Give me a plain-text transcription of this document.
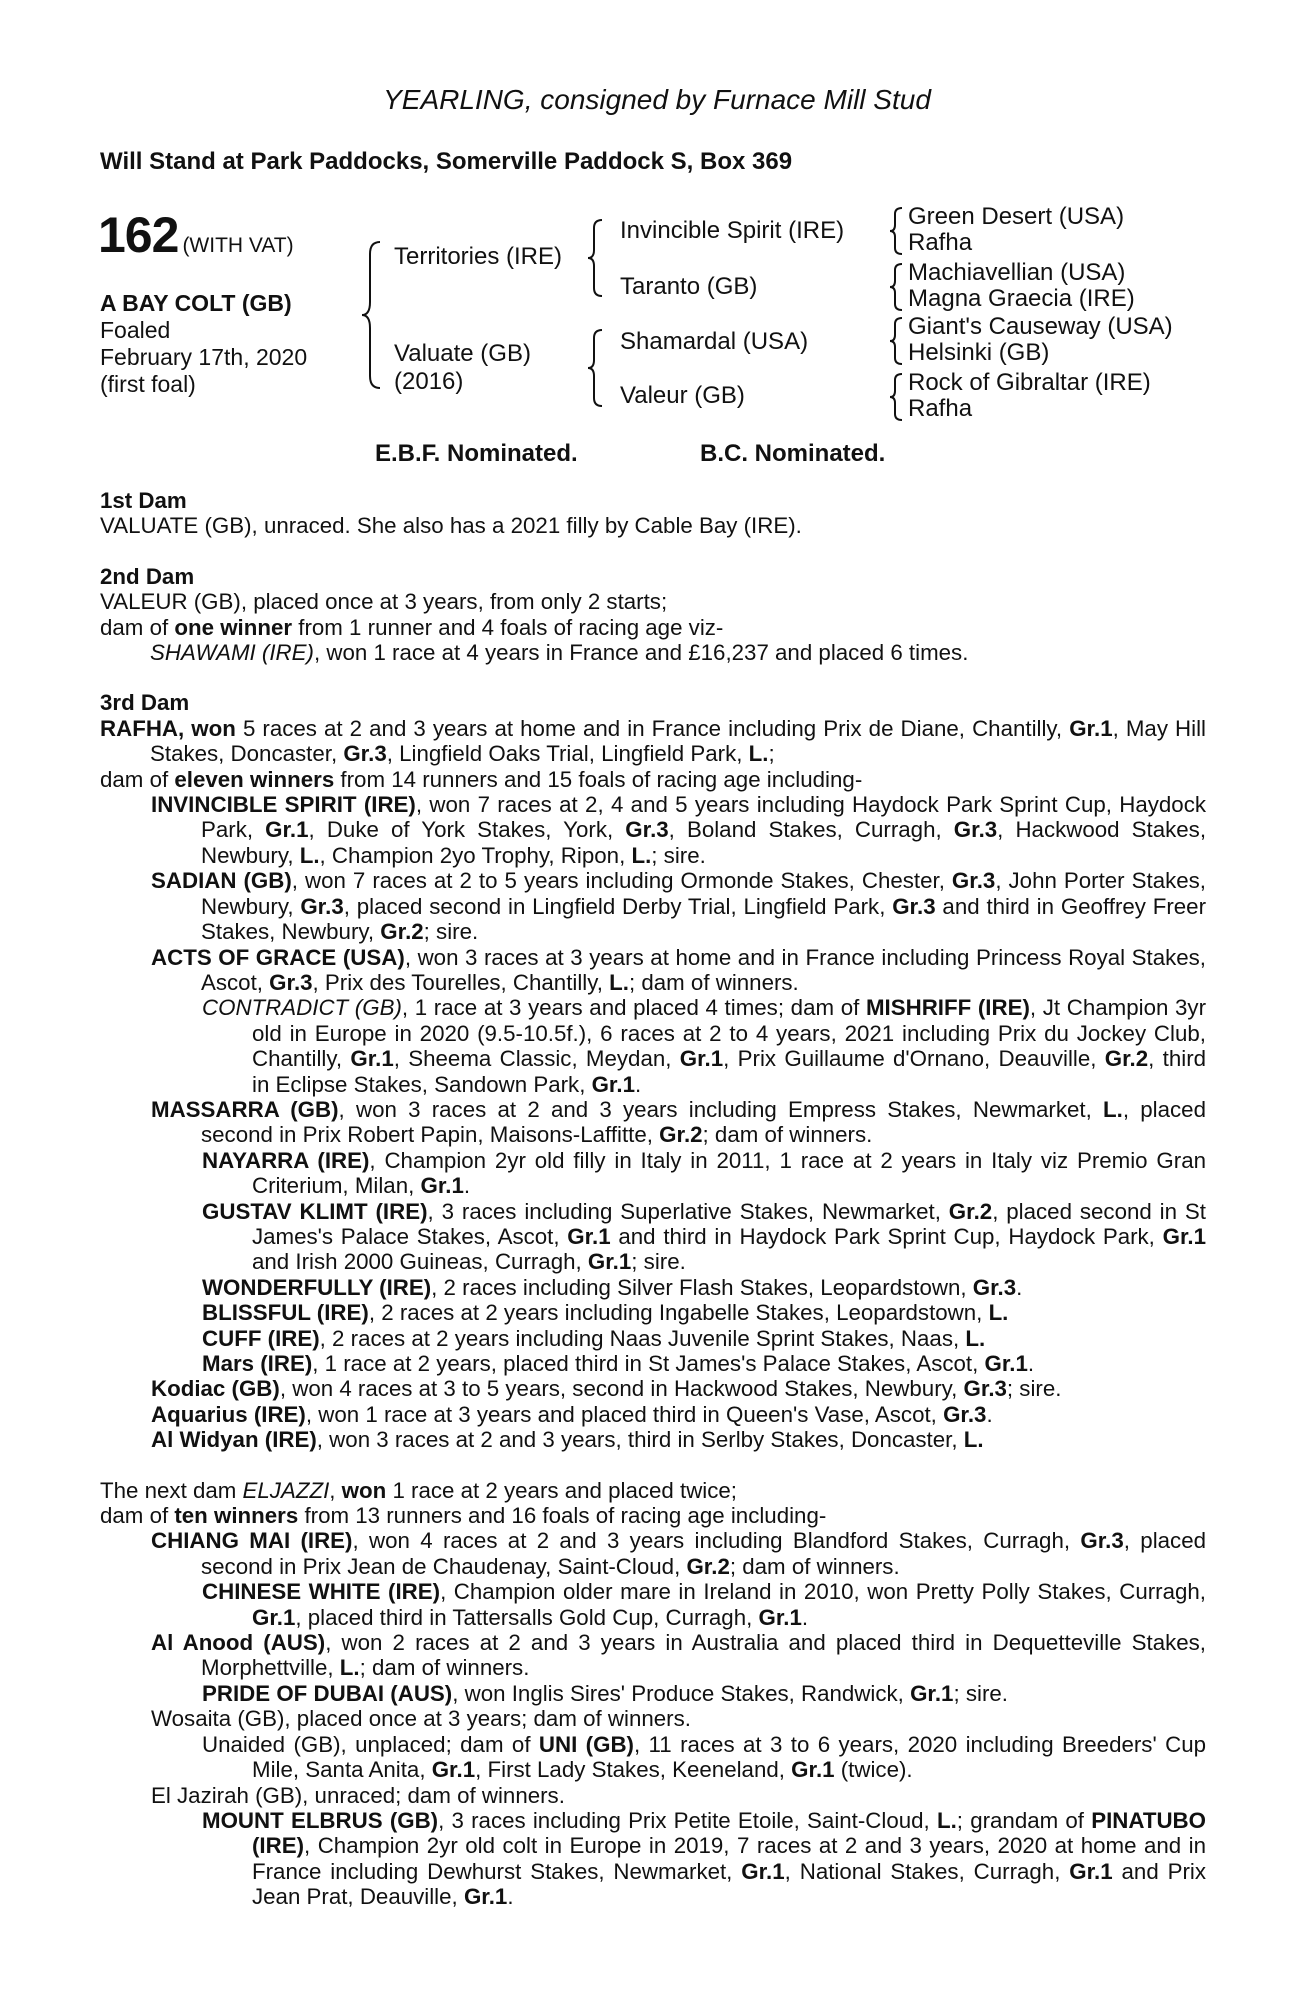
YEARLING, consigned by Furnace Mill Stud
Will Stand at Park Paddocks, Somerville Paddock S, Box 369
162 (WITH VAT)
A BAY COLT (GB)
Foaled
February 17th, 2020
(first foal)
Territories (IRE)
Valuate (GB)
(2016)
Invincible Spirit (IRE)
Taranto (GB)
Shamardal (USA)
Valeur (GB)
Green Desert (USA)
Rafha
Machiavellian (USA)
Magna Graecia (IRE)
Giant's Causeway (USA)
Helsinki (GB)
Rock of Gibraltar (IRE)
Rafha
E.B.F. Nominated.	B.C. Nominated.

1st Dam

VALUATE (GB), unraced. She also has a 2021 filly by Cable Bay (IRE).

2nd Dam

VALEUR (GB), placed once at 3 years, from only 2 starts;

dam of one winner from 1 runner and 4 foals of racing age viz-

SHAWAMI (IRE), won 1 race at 4 years in France and £16,237 and placed 6 times.

3rd Dam

RAFHA, won 5 races at 2 and 3 years at home and in France including Prix de Diane, Chantilly, Gr.1, May Hill Stakes, Doncaster, Gr.3, Lingfield Oaks Trial, Lingfield Park, L.;

dam of eleven winners from 14 runners and 15 foals of racing age including-

INVINCIBLE SPIRIT (IRE), won 7 races at 2, 4 and 5 years including Haydock Park Sprint Cup, Haydock Park, Gr.1, Duke of York Stakes, York, Gr.3, Boland Stakes, Curragh, Gr.3, Hackwood Stakes, Newbury, L., Champion 2yo Trophy, Ripon, L.; sire.

SADIAN (GB), won 7 races at 2 to 5 years including Ormonde Stakes, Chester, Gr.3, John Porter Stakes, Newbury, Gr.3, placed second in Lingfield Derby Trial, Lingfield Park, Gr.3 and third in Geoffrey Freer Stakes, Newbury, Gr.2; sire.

ACTS OF GRACE (USA), won 3 races at 3 years at home and in France including Princess Royal Stakes, Ascot, Gr.3, Prix des Tourelles, Chantilly, L.; dam of winners.

CONTRADICT (GB), 1 race at 3 years and placed 4 times; dam of MISHRIFF (IRE), Jt Champion 3yr old in Europe in 2020 (9.5-10.5f.), 6 races at 2 to 4 years, 2021 including Prix du Jockey Club, Chantilly, Gr.1, Sheema Classic, Meydan, Gr.1, Prix Guillaume d'Ornano, Deauville, Gr.2, third in Eclipse Stakes, Sandown Park, Gr.1.

MASSARRA (GB), won 3 races at 2 and 3 years including Empress Stakes, Newmarket, L., placed second in Prix Robert Papin, Maisons-Laffitte, Gr.2; dam of winners.

NAYARRA (IRE), Champion 2yr old filly in Italy in 2011, 1 race at 2 years in Italy viz Premio Gran Criterium, Milan, Gr.1.

GUSTAV KLIMT (IRE), 3 races including Superlative Stakes, Newmarket, Gr.2, placed second in St James's Palace Stakes, Ascot, Gr.1 and third in Haydock Park Sprint Cup, Haydock Park, Gr.1 and Irish 2000 Guineas, Curragh, Gr.1; sire.

WONDERFULLY (IRE), 2 races including Silver Flash Stakes, Leopardstown, Gr.3.

BLISSFUL (IRE), 2 races at 2 years including Ingabelle Stakes, Leopardstown, L.

CUFF (IRE), 2 races at 2 years including Naas Juvenile Sprint Stakes, Naas, L.

Mars (IRE), 1 race at 2 years, placed third in St James's Palace Stakes, Ascot, Gr.1.

Kodiac (GB), won 4 races at 3 to 5 years, second in Hackwood Stakes, Newbury, Gr.3; sire.

Aquarius (IRE), won 1 race at 3 years and placed third in Queen's Vase, Ascot, Gr.3.

Al Widyan (IRE), won 3 races at 2 and 3 years, third in Serlby Stakes, Doncaster, L.

The next dam ELJAZZI, won 1 race at 2 years and placed twice;

dam of ten winners from 13 runners and 16 foals of racing age including-

CHIANG MAI (IRE), won 4 races at 2 and 3 years including Blandford Stakes, Curragh, Gr.3, placed second in Prix Jean de Chaudenay, Saint-Cloud, Gr.2; dam of winners.

CHINESE WHITE (IRE), Champion older mare in Ireland in 2010, won Pretty Polly Stakes, Curragh, Gr.1, placed third in Tattersalls Gold Cup, Curragh, Gr.1.

Al Anood (AUS), won 2 races at 2 and 3 years in Australia and placed third in Dequetteville Stakes, Morphettville, L.; dam of winners.

PRIDE OF DUBAI (AUS), won Inglis Sires' Produce Stakes, Randwick, Gr.1; sire.

Wosaita (GB), placed once at 3 years; dam of winners.

Unaided (GB), unplaced; dam of UNI (GB), 11 races at 3 to 6 years, 2020 including Breeders' Cup Mile, Santa Anita, Gr.1, First Lady Stakes, Keeneland, Gr.1 (twice).

El Jazirah (GB), unraced; dam of winners.

MOUNT ELBRUS (GB), 3 races including Prix Petite Etoile, Saint-Cloud, L.; grandam of PINATUBO (IRE), Champion 2yr old colt in Europe in 2019, 7 races at 2 and 3 years, 2020 at home and in France including Dewhurst Stakes, Newmarket, Gr.1, National Stakes, Curragh, Gr.1 and Prix Jean Prat, Deauville, Gr.1.
